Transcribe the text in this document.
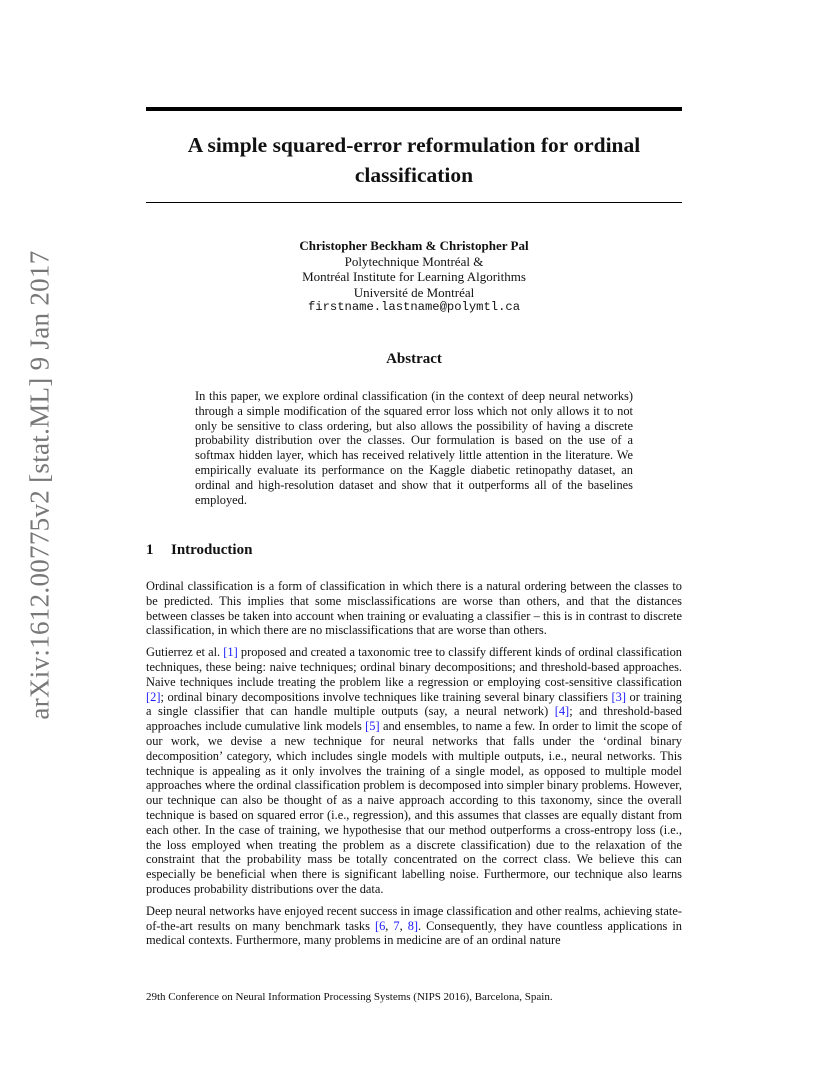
arXiv:1612.00775v2 [stat.ML] 9 Jan 2017
A simple squared-error reformulation for ordinal
classification
Christopher Beckham & Christopher Pal
Polytechnique Montréal &
Montréal Institute for Learning Algorithms
Université de Montréal
firstname.lastname@polymtl.ca
Abstract
In this paper, we explore ordinal classification (in the context of deep neural networks) through a simple modification of the squared error loss which not only allows it to not only be sensitive to class ordering, but also allows the possibility of having a discrete probability distribution over the classes. Our formulation is based on the use of a softmax hidden layer, which has received relatively little attention in the literature. We empirically evaluate its performance on the Kaggle diabetic retinopathy dataset, an ordinal and high-resolution dataset and show that it outperforms all of the baselines employed.
1 Introduction

Ordinal classification is a form of classification in which there is a natural ordering between the classes to be predicted. This implies that some misclassifications are worse than others, and that the distances between classes be taken into account when training or evaluating a classifier – this is in contrast to discrete classification, in which there are no misclassifications that are worse than others.

Gutierrez et al. [1] proposed and created a taxonomic tree to classify different kinds of ordinal classification techniques, these being: naive techniques; ordinal binary decompositions; and threshold-based approaches. Naive techniques include treating the problem like a regression or employing cost-sensitive classification [2]; ordinal binary decompositions involve techniques like training several binary classifiers [3] or training a single classifier that can handle multiple outputs (say, a neural network) [4]; and threshold-based approaches include cumulative link models [5] and ensembles, to name a few. In order to limit the scope of our work, we devise a new technique for neural networks that falls under the ‘ordinal binary decomposition’ category, which includes single models with multiple outputs, i.e., neural networks. This technique is appealing as it only involves the training of a single model, as opposed to multiple model approaches where the ordinal classification problem is decomposed into simpler binary problems. However, our technique can also be thought of as a naive approach according to this taxonomy, since the overall technique is based on squared error (i.e., regression), and this assumes that classes are equally distant from each other. In the case of training, we hypothesise that our method outperforms a cross-entropy loss (i.e., the loss employed when treating the problem as a discrete classification) due to the relaxation of the constraint that the probability mass be totally concentrated on the correct class. We believe this can especially be beneficial when there is significant labelling noise. Furthermore, our technique also learns produces probability distributions over the data.

Deep neural networks have enjoyed recent success in image classification and other realms, achieving state-of-the-art results on many benchmark tasks [6, 7, 8]. Consequently, they have countless applications in medical contexts. Furthermore, many problems in medicine are of an ordinal nature

29th Conference on Neural Information Processing Systems (NIPS 2016), Barcelona, Spain.
